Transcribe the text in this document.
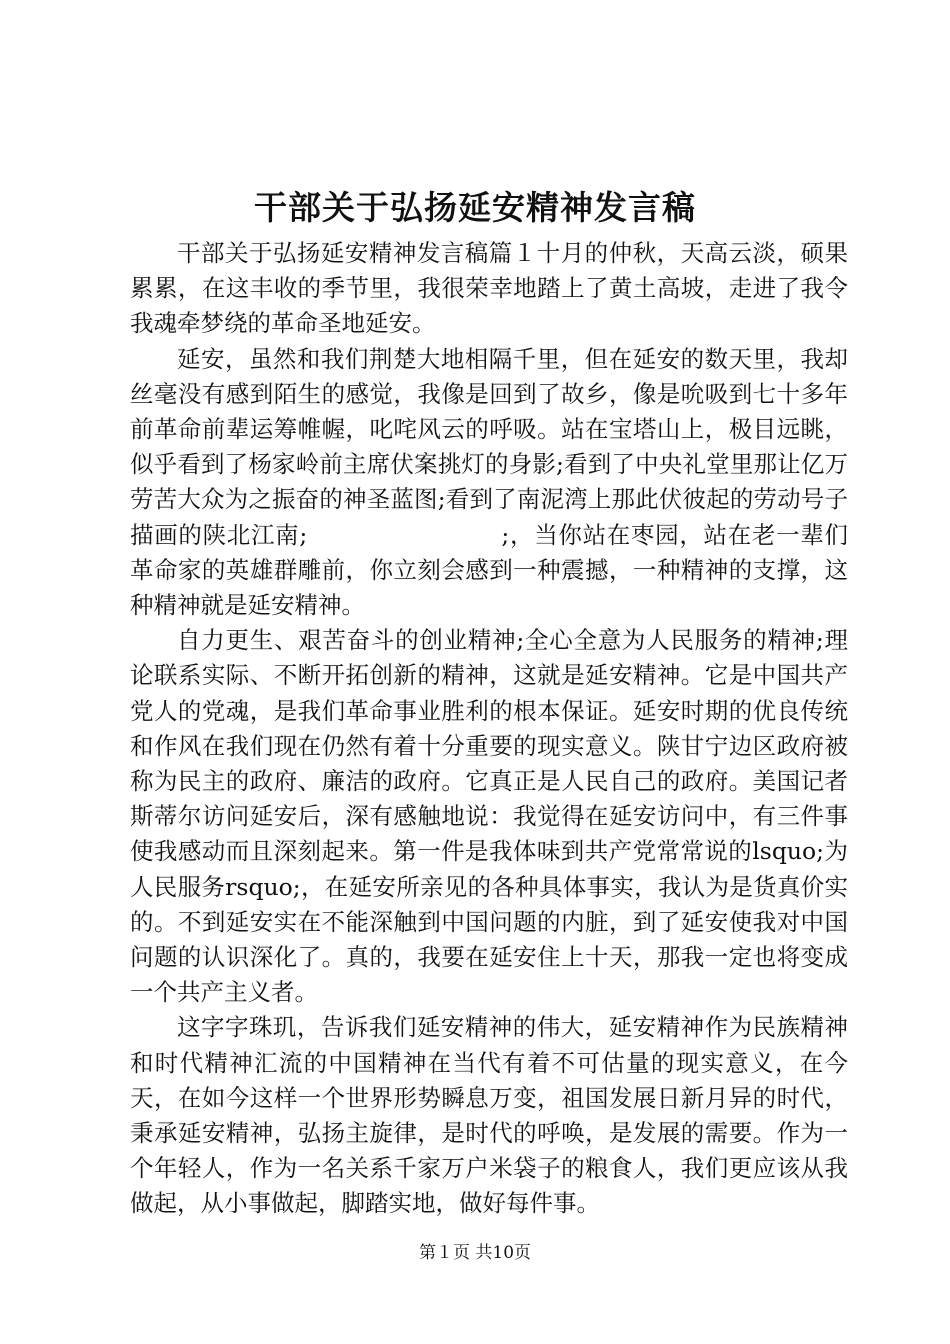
干部关于弘扬延安精神发言稿

干部关于弘扬延安精神发言稿篇１十月的仲秋，天高云淡，硕果累累，在这丰收的季节里，我很荣幸地踏上了黄土高坡，走进了我令我魂牵梦绕的革命圣地延安。

延安，虽然和我们荆楚大地相隔千里，但在延安的数天里，我却丝毫没有感到陌生的感觉，我像是回到了故乡，像是吮吸到七十多年前革命前辈运筹帷幄，叱咤风云的呼吸。站在宝塔山上，极目远眺，似乎看到了杨家岭前主席伏案挑灯的身影;看到了中央礼堂里那让亿万劳苦大众为之振奋的神圣蓝图;看到了南泥湾上那此伏彼起的劳动号子描画的陕北江南;　　　　　　　　;，当你站在枣园，站在老一辈们革命家的英雄群雕前，你立刻会感到一种震撼，一种精神的支撑，这种精神就是延安精神。

自力更生、艰苦奋斗的创业精神;全心全意为人民服务的精神;理论联系实际、不断开拓创新的精神，这就是延安精神。它是中国共产党人的党魂，是我们革命事业胜利的根本保证。延安时期的优良传统和作风在我们现在仍然有着十分重要的现实意义。陕甘宁边区政府被称为民主的政府、廉洁的政府。它真正是人民自己的政府。美国记者斯蒂尔访问延安后，深有感触地说：我觉得在延安访问中，有三件事使我感动而且深刻起来。第一件是我体味到共产党常常说的lsquo;为人民服务rsquo;，在延安所亲见的各种具体事实，我认为是货真价实的。不到延安实在不能深触到中国问题的内脏，到了延安使我对中国问题的认识深化了。真的，我要在延安住上十天，那我一定也将变成一个共产主义者。

这字字珠玑，告诉我们延安精神的伟大，延安精神作为民族精神和时代精神汇流的中国精神在当代有着不可估量的现实意义，在今天，在如今这样一个世界形势瞬息万变，祖国发展日新月异的时代，秉承延安精神，弘扬主旋律，是时代的呼唤，是发展的需要。作为一个年轻人，作为一名关系千家万户米袋子的粮食人，我们更应该从我做起，从小事做起，脚踏实地，做好每件事。

第１页 共10页
